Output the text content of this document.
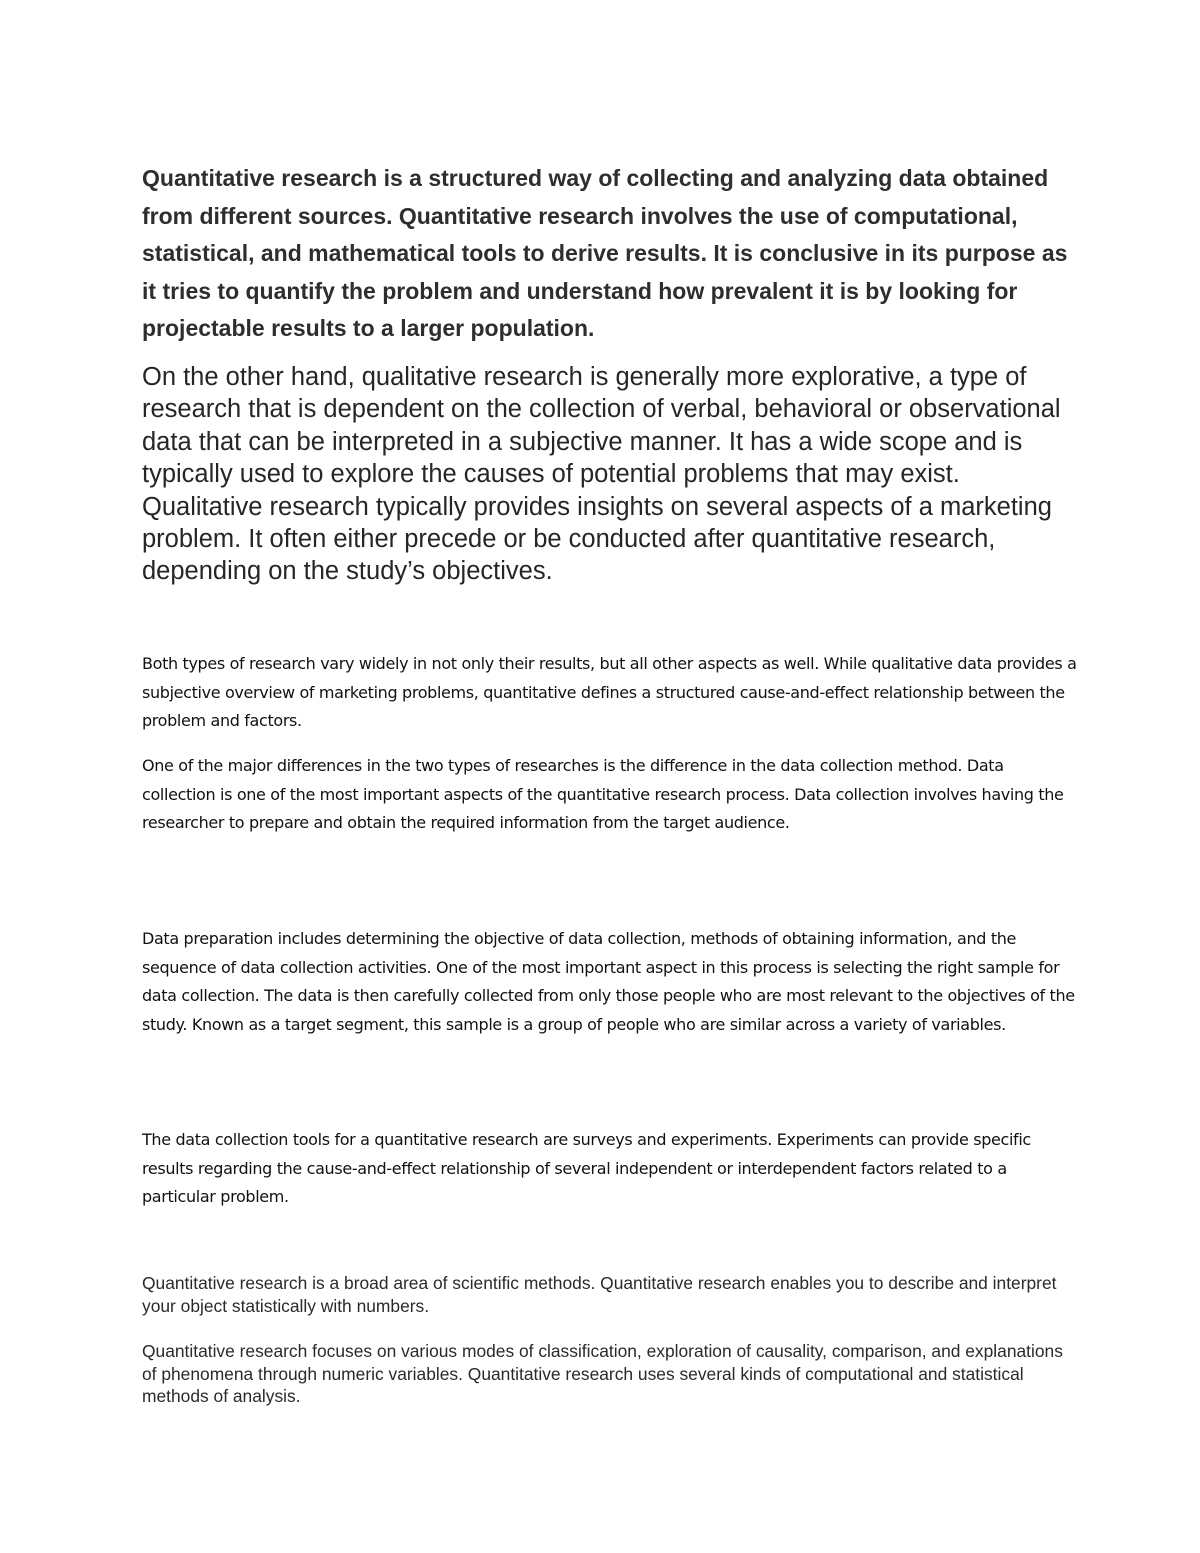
Quantitative research is a structured way of collecting and analyzing data obtained from different sources. Quantitative research involves the use of computational, statistical, and mathematical tools to derive results. It is conclusive in its purpose as it tries to quantify the problem and understand how prevalent it is by looking for projectable results to a larger population.

On the other hand, qualitative research is generally more explorative, a type of research that is dependent on the collection of verbal, behavioral or observational data that can be interpreted in a subjective manner. It has a wide scope and is typically used to explore the causes of potential problems that may exist. Qualitative research typically provides insights on several aspects of a marketing problem. It often either precede or be conducted after quantitative research, depending on the study’s objectives.

Both types of research vary widely in not only their results, but all other aspects as well. While qualitative data provides a subjective overview of marketing problems, quantitative defines a structured cause-and-effect relationship between the problem and factors.

One of the major differences in the two types of researches is the difference in the data collection method. Data collection is one of the most important aspects of the quantitative research process. Data collection involves having the researcher to prepare and obtain the required information from the target audience.

Data preparation includes determining the objective of data collection, methods of obtaining information, and the sequence of data collection activities. One of the most important aspect in this process is selecting the right sample for data collection. The data is then carefully collected from only those people who are most relevant to the objectives of the study. Known as a target segment, this sample is a group of people who are similar across a variety of variables.

The data collection tools for a quantitative research are surveys and experiments. Experiments can provide specific results regarding the cause-and-effect relationship of several independent or interdependent factors related to a particular problem.

Quantitative research is a broad area of scientific methods. Quantitative research enables you to describe and interpret your object statistically with numbers.

Quantitative research focuses on various modes of classification, exploration of causality, comparison, and explanations of phenomena through numeric variables. Quantitative research uses several kinds of computational and statistical methods of analysis.
